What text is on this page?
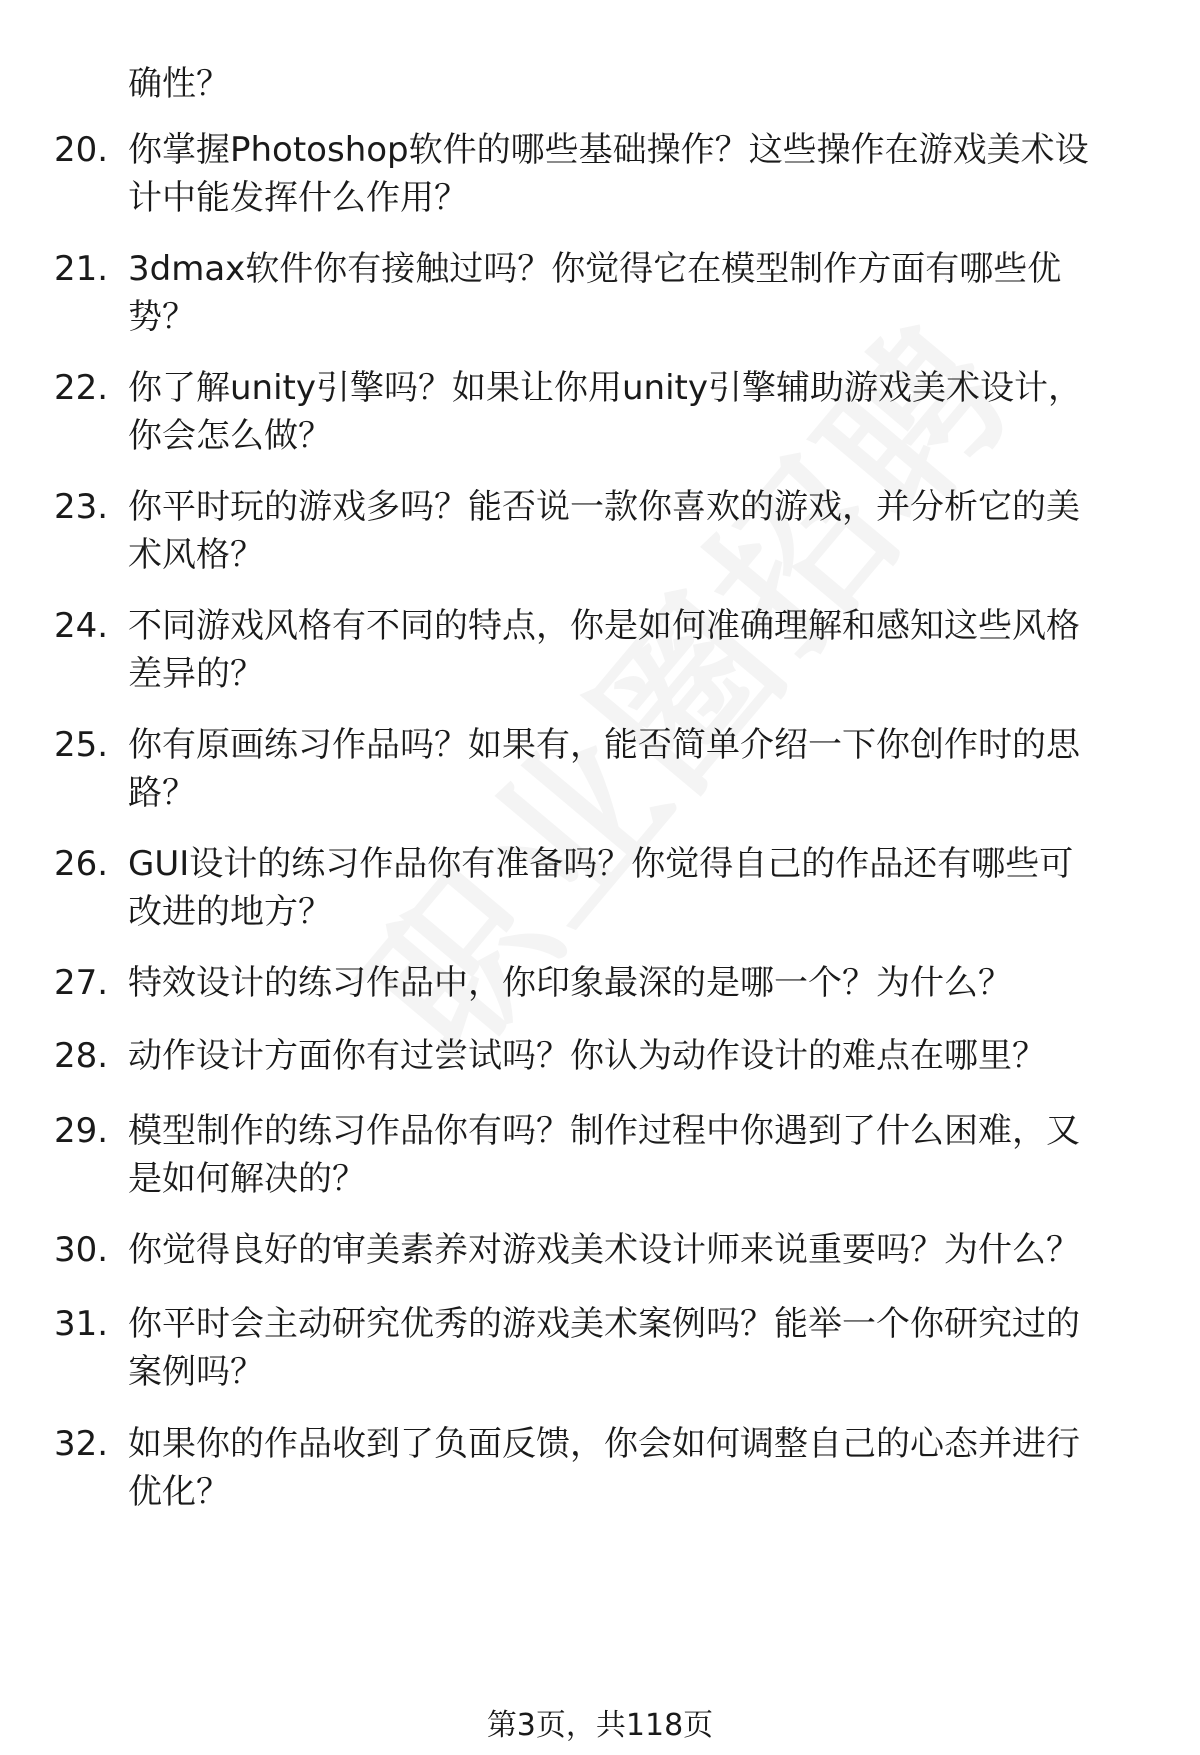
确性？
20. 你掌握Photoshop软件的哪些基础操作？这些操作在游戏美术设
计中能发挥什么作用？
21. 3dmax软件你有接触过吗？你觉得它在模型制作方面有哪些优
势？
22. 你了解unity引擎吗？如果让你用unity引擎辅助游戏美术设计，
你会怎么做？
23. 你平时玩的游戏多吗？能否说一款你喜欢的游戏，并分析它的美
术风格？
24. 不同游戏风格有不同的特点，你是如何准确理解和感知这些风格
差异的？
25. 你有原画练习作品吗？如果有，能否简单介绍一下你创作时的思
路？
26. GUI设计的练习作品你有准备吗？你觉得自己的作品还有哪些可
改进的地方？
27. 特效设计的练习作品中，你印象最深的是哪一个？为什么？
28. 动作设计方面你有过尝试吗？你认为动作设计的难点在哪里？
29. 模型制作的练习作品你有吗？制作过程中你遇到了什么困难，又
是如何解决的？
30. 你觉得良好的审美素养对游戏美术设计师来说重要吗？为什么？
31. 你平时会主动研究优秀的游戏美术案例吗？能举一个你研究过的
案例吗？
32. 如果你的作品收到了负面反馈，你会如何调整自己的心态并进行
优化？
第3页，共118页
